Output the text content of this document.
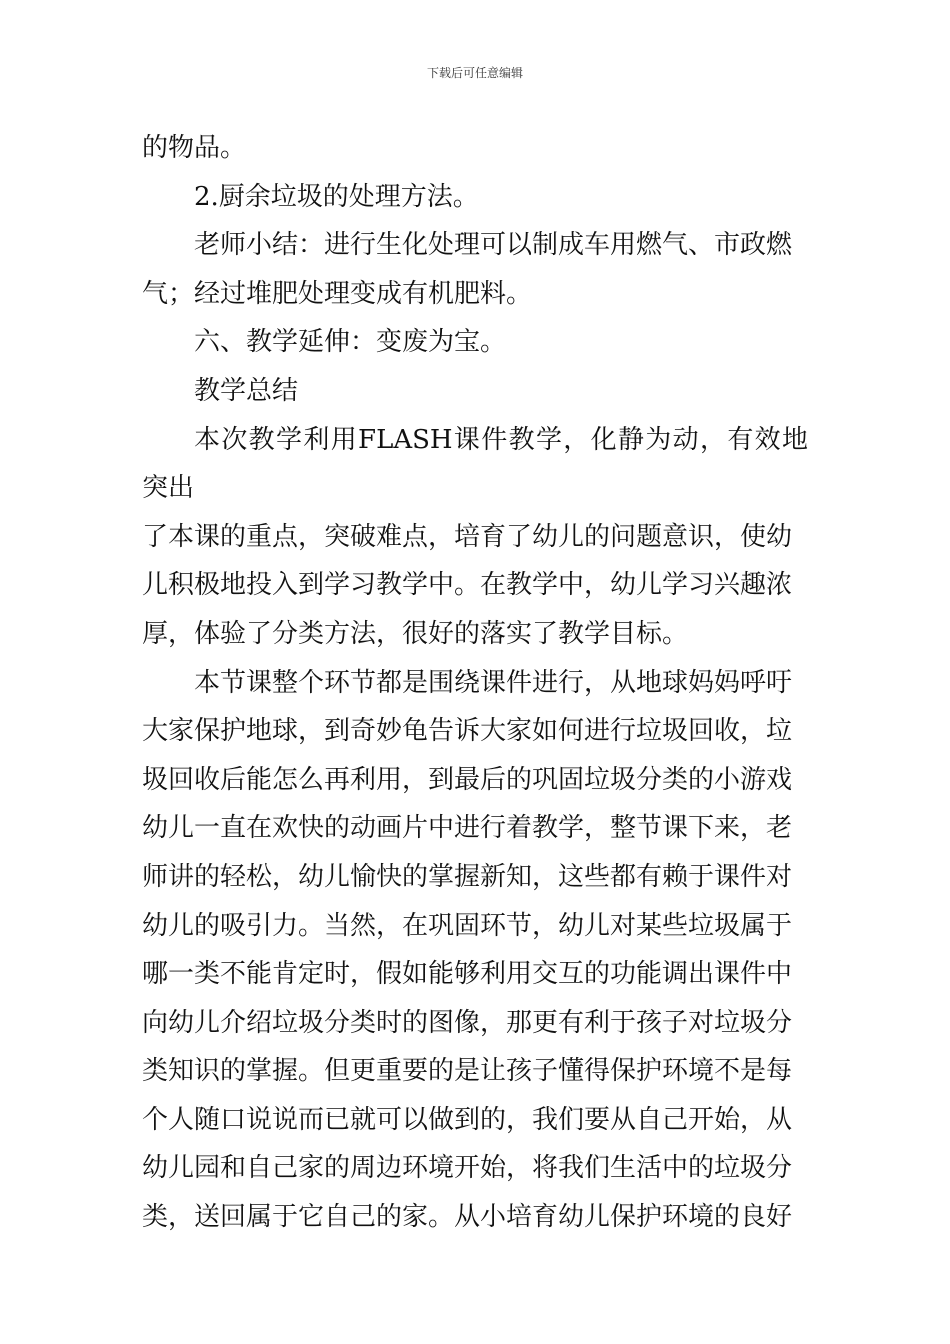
下载后可任意编辑

的物品。

2.厨余垃圾的处理方法。

老师小结：进行生化处理可以制成车用燃气、市政燃
气；经过堆肥处理变成有机肥料。

六、教学延伸：变废为宝。

教学总结

本次教学利用FLASH课件教学，化静为动，有效地突出
了本课的重点，突破难点，培育了幼儿的问题意识，使幼
儿积极地投入到学习教学中。在教学中，幼儿学习兴趣浓
厚，体验了分类方法，很好的落实了教学目标。

本节课整个环节都是围绕课件进行，从地球妈妈呼吁
大家保护地球，到奇妙龟告诉大家如何进行垃圾回收，垃
圾回收后能怎么再利用，到最后的巩固垃圾分类的小游戏
幼儿一直在欢快的动画片中进行着教学，整节课下来，老
师讲的轻松，幼儿愉快的掌握新知，这些都有赖于课件对
幼儿的吸引力。当然，在巩固环节，幼儿对某些垃圾属于
哪一类不能肯定时，假如能够利用交互的功能调出课件中
向幼儿介绍垃圾分类时的图像，那更有利于孩子对垃圾分
类知识的掌握。但更重要的是让孩子懂得保护环境不是每
个人随口说说而已就可以做到的，我们要从自己开始，从
幼儿园和自己家的周边环境开始，将我们生活中的垃圾分
类，送回属于它自己的家。从小培育幼儿保护环境的良好
